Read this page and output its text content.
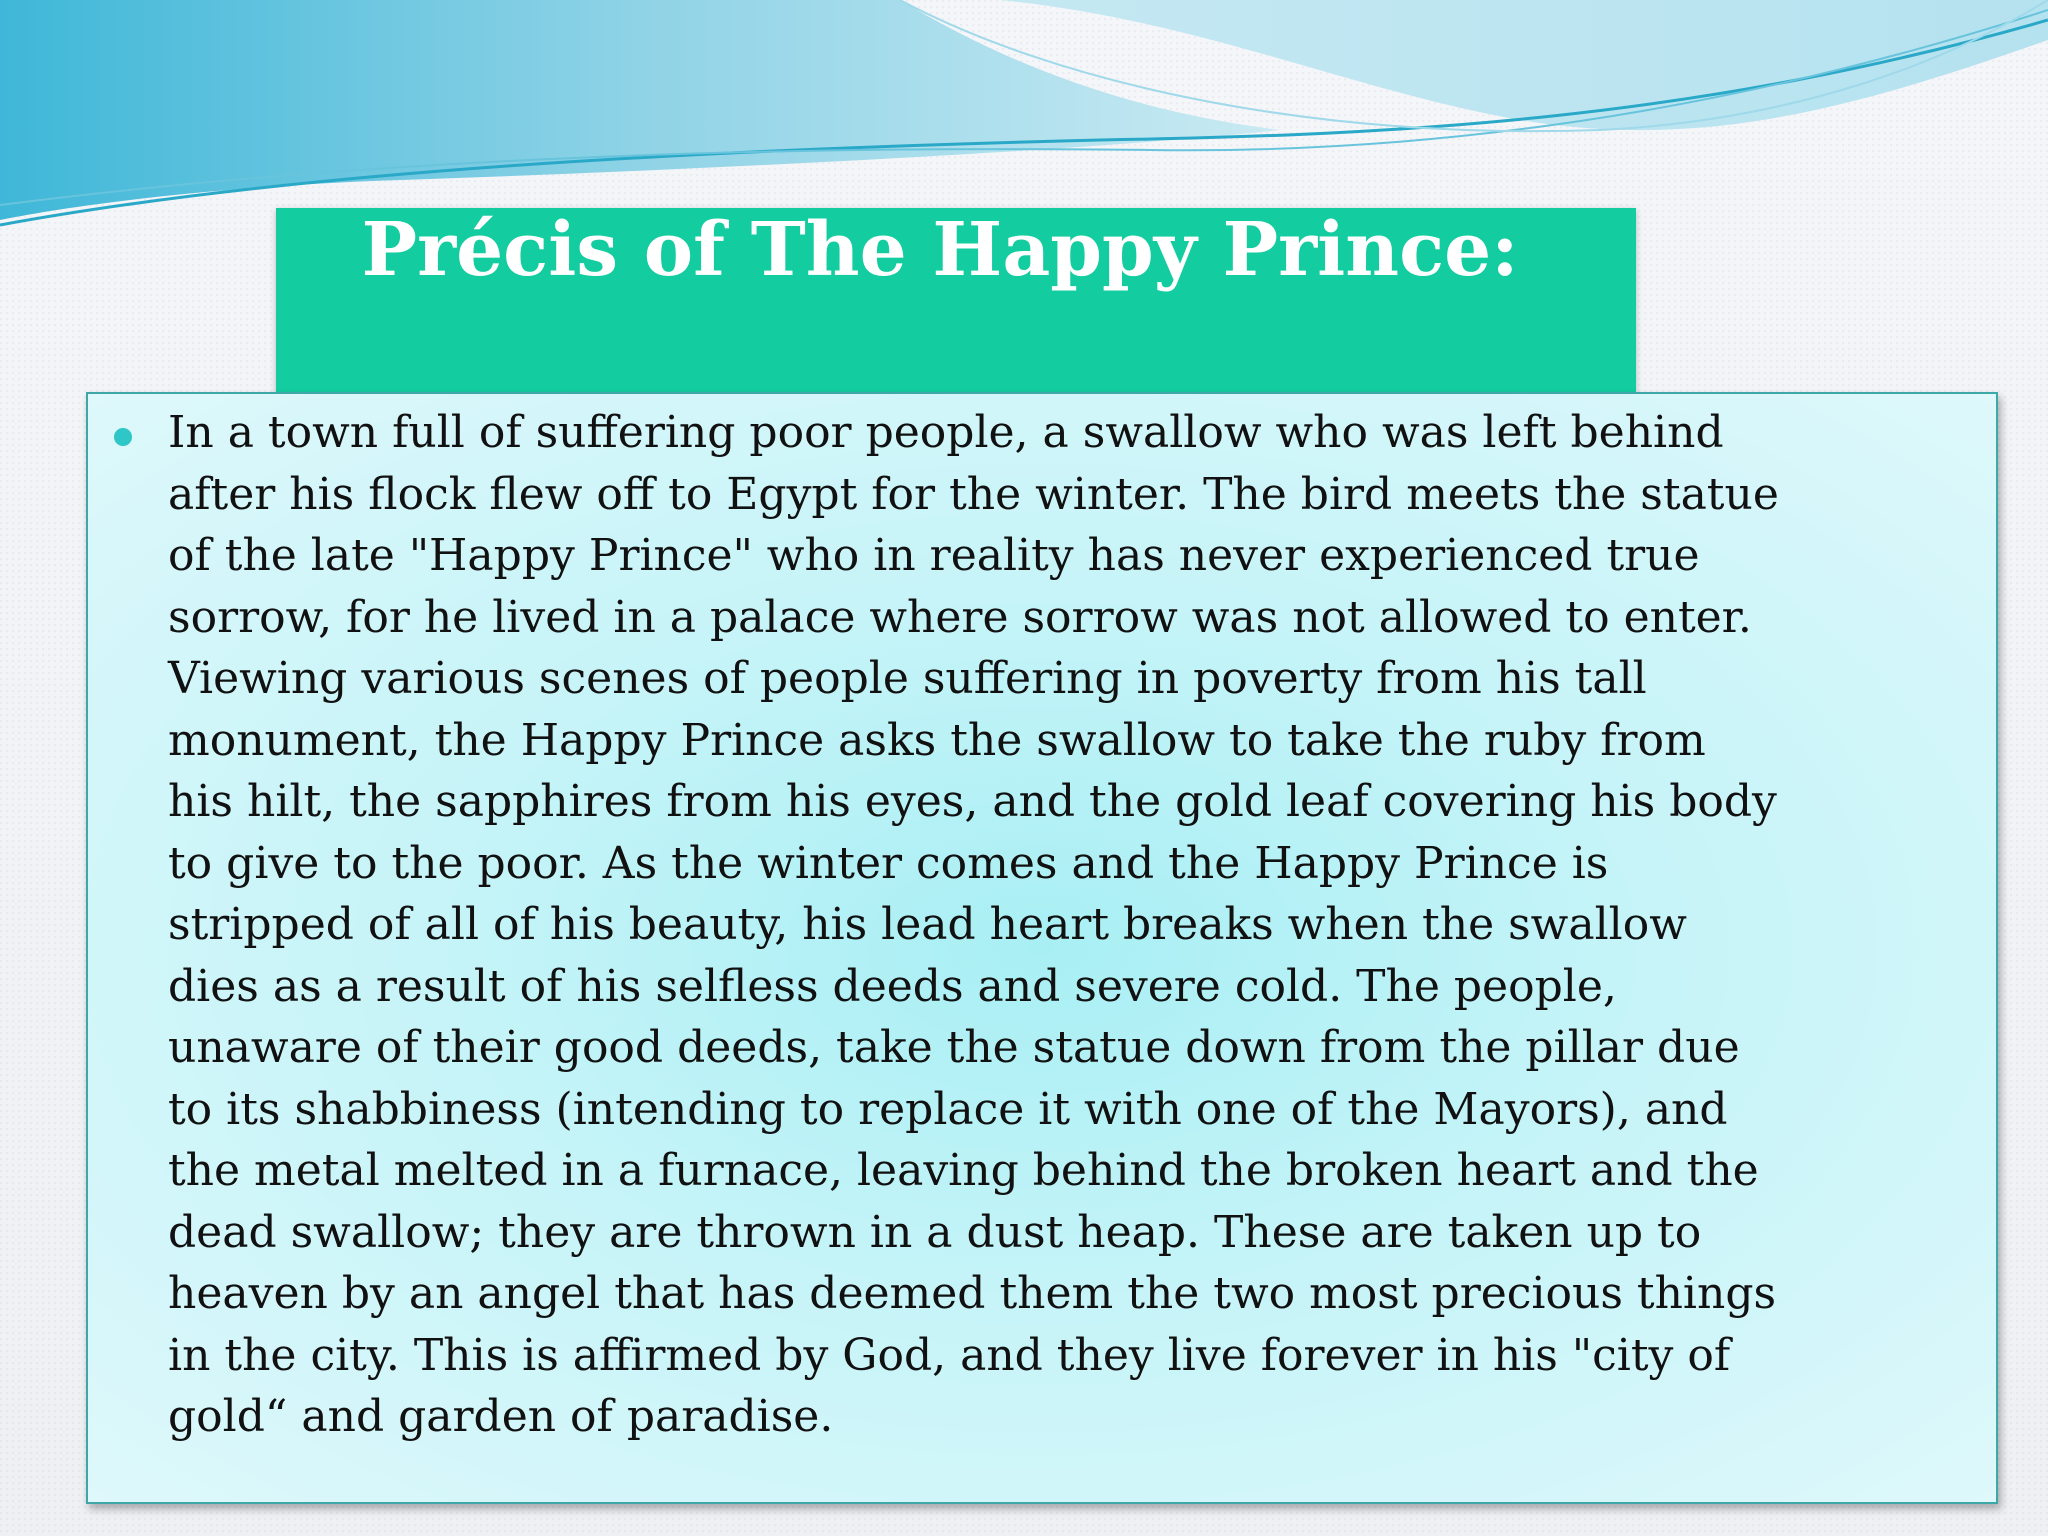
Précis of The Happy Prince:

In a town full of suffering poor people, a swallow who was left behind
after his flock flew off to Egypt for the winter. The bird meets the statue
of the late "Happy Prince" who in reality has never experienced true
sorrow, for he lived in a palace where sorrow was not allowed to enter.
Viewing various scenes of people suffering in poverty from his tall
monument, the Happy Prince asks the swallow to take the ruby from
his hilt, the sapphires from his eyes, and the gold leaf covering his body
to give to the poor. As the winter comes and the Happy Prince is
stripped of all of his beauty, his lead heart breaks when the swallow
dies as a result of his selfless deeds and severe cold. The people,
unaware of their good deeds, take the statue down from the pillar due
to its shabbiness (intending to replace it with one of the Mayors), and
the metal melted in a furnace, leaving behind the broken heart and the
dead swallow; they are thrown in a dust heap. These are taken up to
heaven by an angel that has deemed them the two most precious things
in the city. This is affirmed by God, and they live forever in his "city of
gold“ and garden of paradise.
